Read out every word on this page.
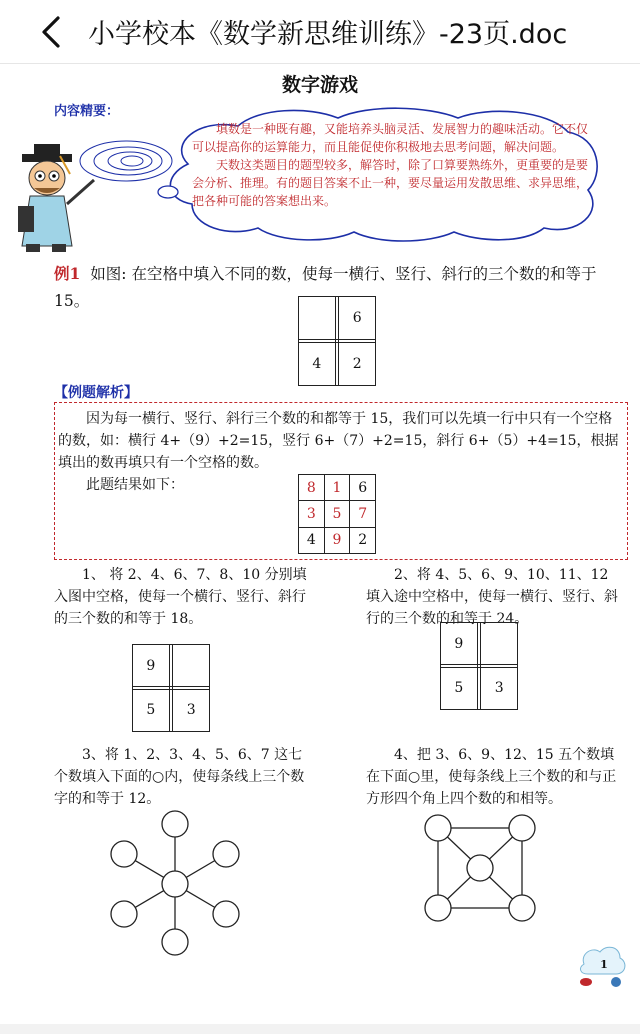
小学校本《数学新思维训练》-23页.doc
数字游戏
内容精要：

填数是一种既有趣，又能培养头脑灵活、发展智力的趣味活动。它不仅可以提高你的运算能力，而且能促使你积极地去思考问题，解决问题。

天数这类题目的题型较多，解答时，除了口算要熟练外，更重要的是要会分析、推理。有的题目答案不止一种，要尽量运用发散思维、求异思维，把各种可能的答案想出来。

例1 如图: 在空格中填入不同的数，使每一横行、竖行、斜行的三个数的和等于 15。
		6

4		2
【例题解析】

因为每一横行、竖行、斜行三个数的和都等于 15，我们可以先填一行中只有一个空格的数，如：横行 4+（9）+2=15，竖行 6+（7）+2=15，斜行 6+（5）+4=15，根据填出的数再填只有一个空格的数。

此题结果如下：	8	1	6
3	5	7
4	9	2

1、 将 2、4、6、7、8、10 分别填入图中空格，使每一个横行、竖行、斜行的三个数的和等于 18。

9		

5		3

2、将 4、5、6、9、10、11、12 填入途中空格中，使每一横行、竖行、斜行的三个数的和等于 24。

9		

5		3

3、将 1、2、3、4、5、6、7 这七个数填入下面的○内，使每条线上三个数字的和等于 12。

4、把 3、6、9、12、15 五个数填在下面○里，使每条线上三个数的和与正方形四个角上四个数的和相等。

1
